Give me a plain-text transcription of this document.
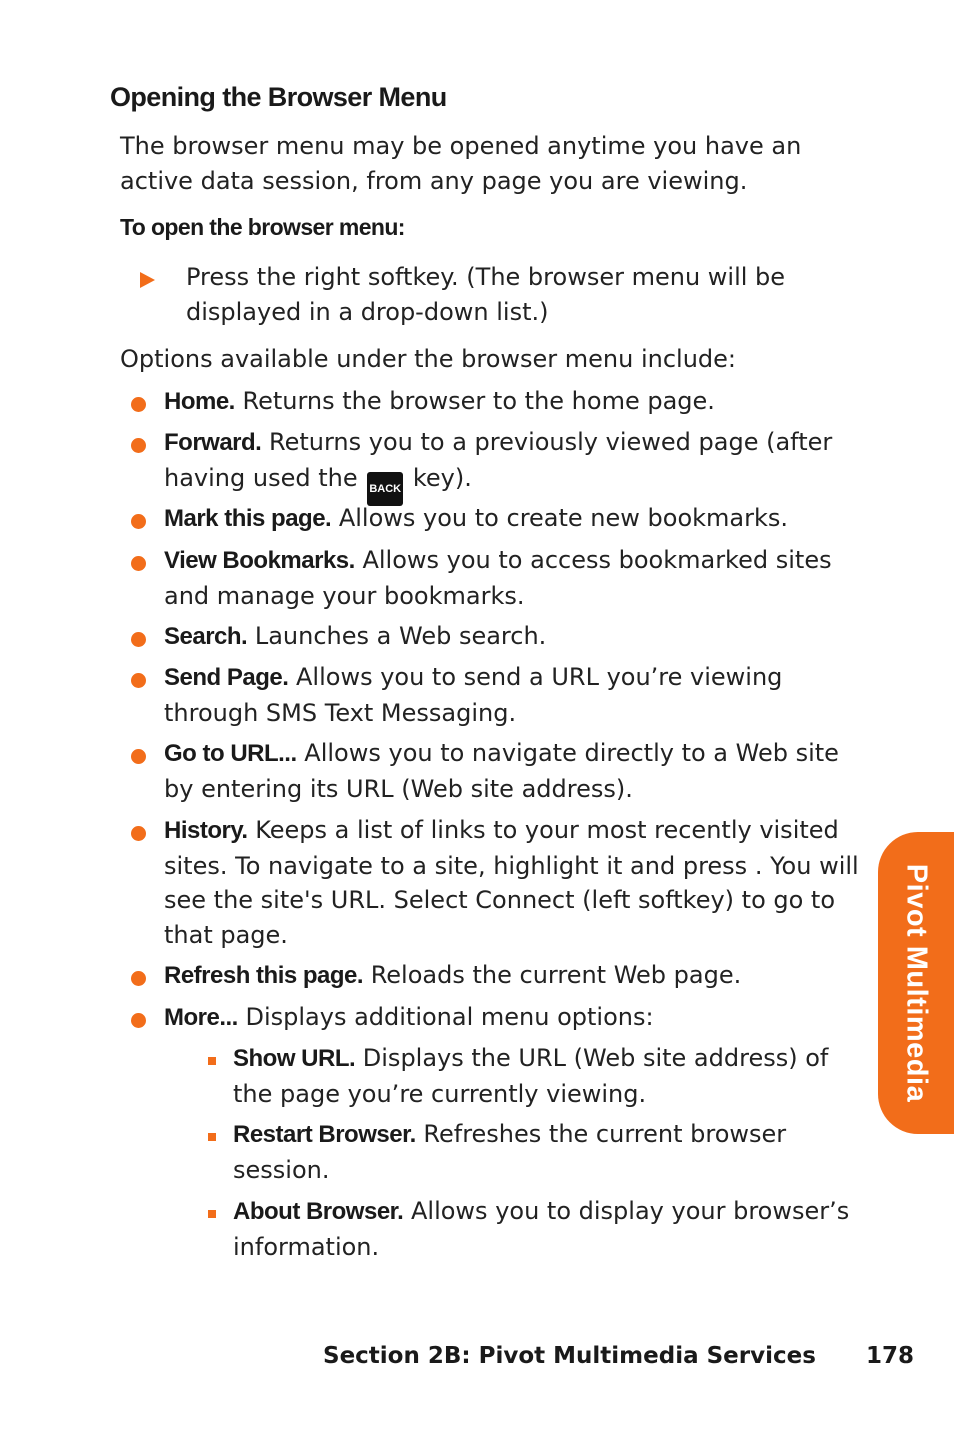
Opening the Browser Menu
The browser menu may be opened anytime you have an active data session, from any page you are viewing.
To open the browser menu:
Press the right softkey. (The browser menu will be displayed in a drop-down list.)
Options available under the browser menu include:
Home. Returns the browser to the home page.
Forward. Returns you to a previously viewed page (after having used the BACK key).
Mark this page. Allows you to create new bookmarks.
View Bookmarks. Allows you to access bookmarked sites and manage your bookmarks.
Search. Launches a Web search.
Send Page. Allows you to send a URL you’re viewing through SMS Text Messaging.
Go to URL... Allows you to navigate directly to a Web site by entering its URL (Web site address).
History. Keeps a list of links to your most recently visited sites. To navigate to a site, highlight it and press . You will see the site's URL. Select Connect (left softkey) to go to that page.
Refresh this page. Reloads the current Web page.
More... Displays additional menu options:
Show URL. Displays the URL (Web site address) of the page you’re currently viewing.
Restart Browser. Refreshes the current browser session.
About Browser. Allows you to display your browser’s information.
Pivot Multimedia
Section 2B: Pivot Multimedia Services 178
